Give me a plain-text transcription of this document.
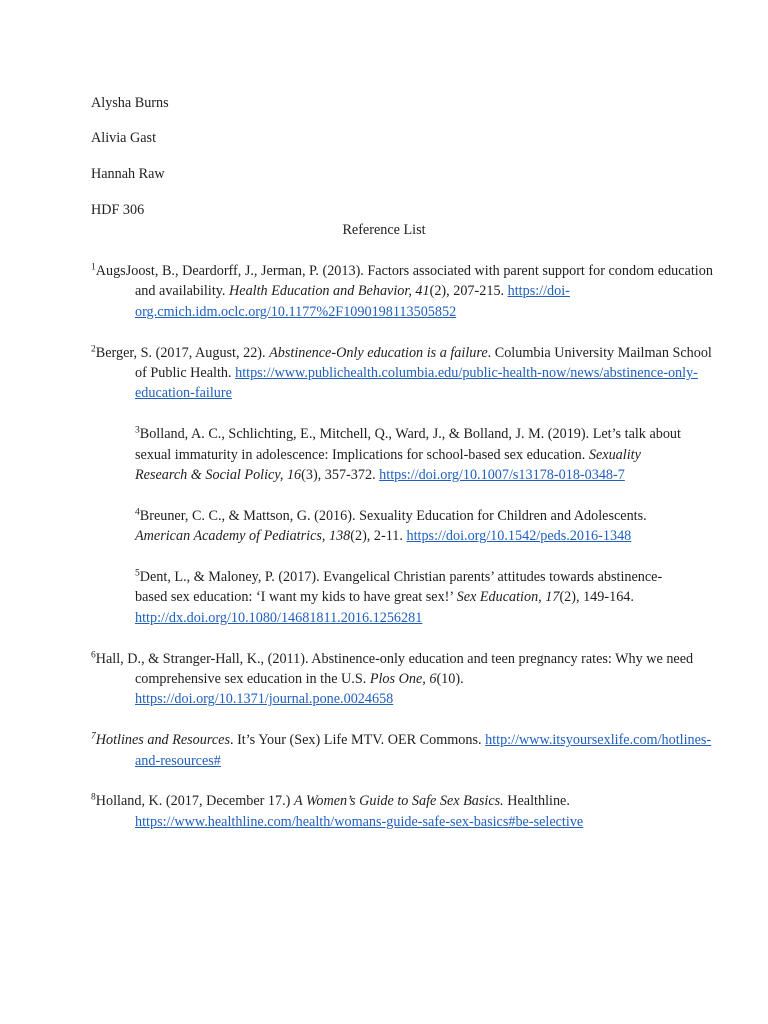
Alysha Burns

Alivia Gast

Hannah Raw

HDF 306

Reference List

$^1$AugsJoost, B., Deardorff, J., Jerman, P. (2013). Factors associated with parent support for condom education and availability. Health Education and Behavior, 41(2), 207-215. https://doi-org.cmich.idm.oclc.org/10.1177%2F1090198113505852

$^2$Berger, S. (2017, August, 22). Abstinence-Only education is a failure. Columbia University Mailman School of Public Health. https://www.publichealth.columbia.edu/public-health-now/news/abstinence-only-education-failure

$^3$Bolland, A. C., Schlichting, E., Mitchell, Q., Ward, J., & Bolland, J. M. (2019). Let’s talk about sexual immaturity in adolescence: Implications for school-based sex education. Sexuality Research & Social Policy, 16(3), 357-372. https://doi.org/10.1007/s13178-018-0348-7

$^4$Breuner, C. C., & Mattson, G. (2016). Sexuality Education for Children and Adolescents. American Academy of Pediatrics, 138(2), 2-11. https://doi.org/10.1542/peds.2016-1348

$^5$Dent, L., & Maloney, P. (2017). Evangelical Christian parents’ attitudes towards abstinence-based sex education: ‘I want my kids to have great sex!’ Sex Education, 17(2), 149-164. http://dx.doi.org/10.1080/14681811.2016.1256281

$^6$Hall, D., & Stranger-Hall, K., (2011). Abstinence-only education and teen pregnancy rates: Why we need comprehensive sex education in the U.S. Plos One, 6(10). https://doi.org/10.1371/journal.pone.0024658

$^7$Hotlines and Resources. It’s Your (Sex) Life MTV. OER Commons. http://www.itsyoursexlife.com/hotlines-and-resources#

$^8$Holland, K. (2017, December 17.) A Women’s Guide to Safe Sex Basics. Healthline. https://www.healthline.com/health/womans-guide-safe-sex-basics#be-selective
